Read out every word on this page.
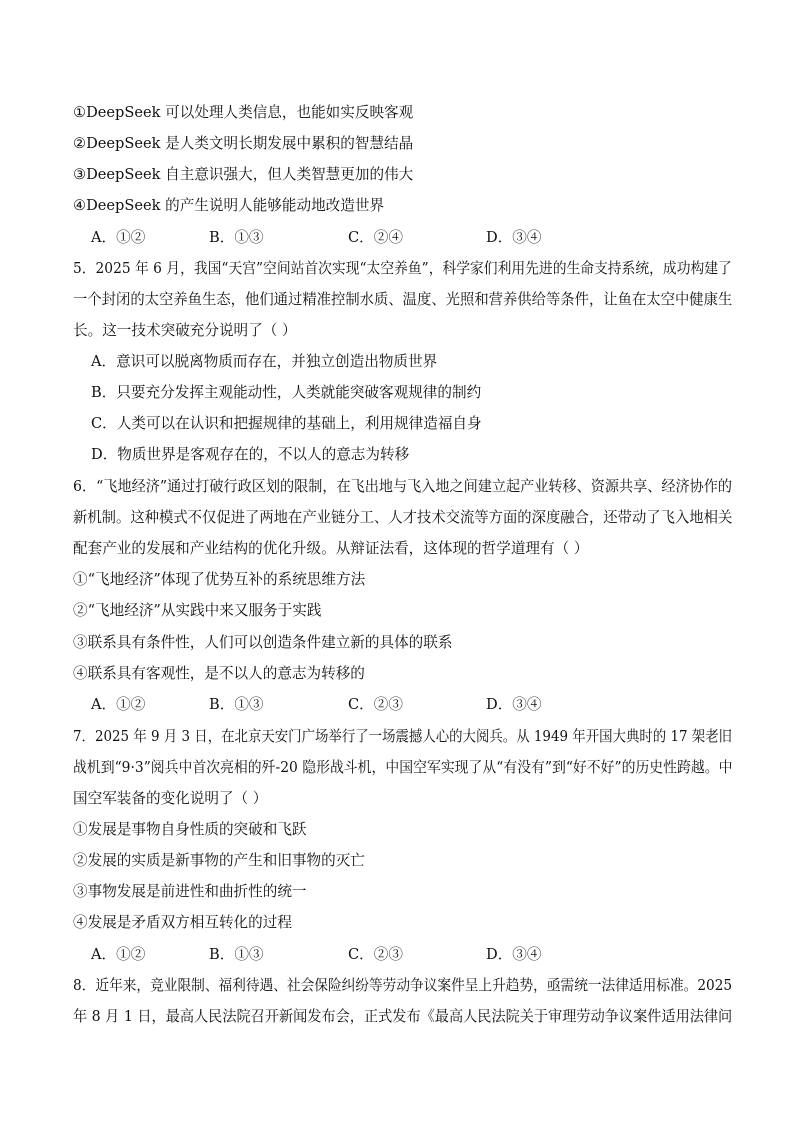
①DeepSeek 可以处理人类信息，也能如实反映客观
②DeepSeek 是人类文明长期发展中累积的智慧结晶
③DeepSeek 自主意识强大，但人类智慧更加的伟大
④DeepSeek 的产生说明人能够能动地改造世界
A．①②	B．①③	C．②④	D．③④
5．2025 年 6 月，我国“天宫”空间站首次实现“太空养鱼”，科学家们利用先进的生命支持系统，成功构建了
一个封闭的太空养鱼生态，他们通过精准控制水质、温度、光照和营养供给等条件，让鱼在太空中健康生
长。这一技术突破充分说明了（ ）
A．意识可以脱离物质而存在，并独立创造出物质世界
B．只要充分发挥主观能动性，人类就能突破客观规律的制约
C．人类可以在认识和把握规律的基础上，利用规律造福自身
D．物质世界是客观存在的，不以人的意志为转移
6．“飞地经济”通过打破行政区划的限制，在飞出地与飞入地之间建立起产业转移、资源共享、经济协作的
新机制。这种模式不仅促进了两地在产业链分工、人才技术交流等方面的深度融合，还带动了飞入地相关
配套产业的发展和产业结构的优化升级。从辩证法看，这体现的哲学道理有（ ）
①“飞地经济”体现了优势互补的系统思维方法
②“飞地经济”从实践中来又服务于实践
③联系具有条件性，人们可以创造条件建立新的具体的联系
④联系具有客观性，是不以人的意志为转移的
A．①②	B．①③	C．②③	D．③④
7．2025 年 9 月 3 日，在北京天安门广场举行了一场震撼人心的大阅兵。从 1949 年开国大典时的 17 架老旧
战机到“9·3”阅兵中首次亮相的歼-20 隐形战斗机，中国空军实现了从“有没有”到“好不好”的历史性跨越。中
国空军装备的变化说明了（ ）
①发展是事物自身性质的突破和飞跃
②发展的实质是新事物的产生和旧事物的灭亡
③事物发展是前进性和曲折性的统一
④发展是矛盾双方相互转化的过程
A．①②	B．①③	C．②③	D．③④
8．近年来，竞业限制、福利待遇、社会保险纠纷等劳动争议案件呈上升趋势，亟需统一法律适用标准。2025
年 8 月 1 日，最高人民法院召开新闻发布会，正式发布《最高人民法院关于审理劳动争议案件适用法律问
